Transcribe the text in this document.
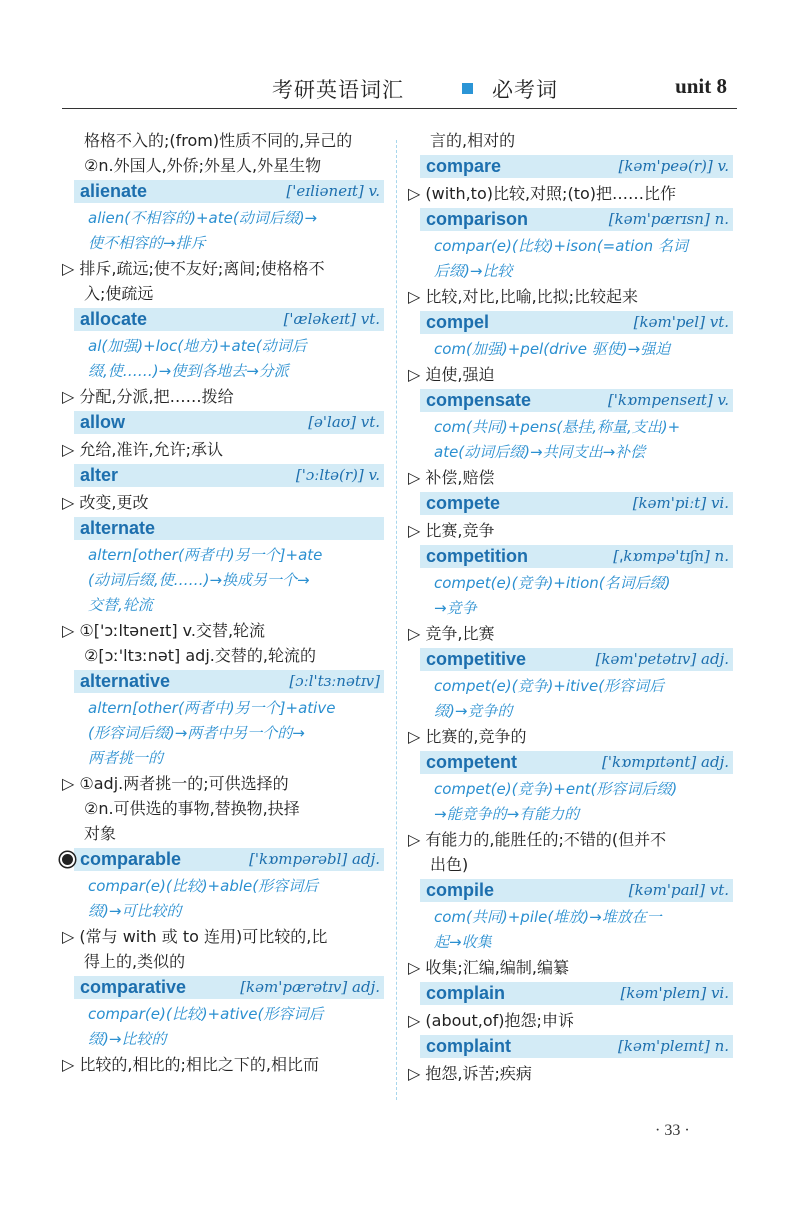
考研英语词汇	必考词	unit 8
格格不入的;(from)性质不同的,异己的
②n.外国人,外侨;外星人,外星生物
alienate	['eɪliəneɪt] v.
alien(不相容的)+ate(动词后缀)→
使不相容的→排斥
▷ 排斥,疏远;使不友好;离间;使格格不
入;使疏远
allocate	['æləkeɪt] vt.
al(加强)+loc(地方)+ate(动词后
缀,使……)→使到各地去→分派
▷ 分配,分派,把……拨给
allow	[ə'laʊ] vt.
▷ 允给,准许,允许;承认
alter	['ɔːltə(r)] v.
▷ 改变,更改
alternate
altern[other(两者中)另一个]+ate
(动词后缀,使……)→换成另一个→
交替,轮流
▷ ①['ɔːltəneɪt] v.交替,轮流
②[ɔː'ltɜːnət] adj.交替的,轮流的
alternative	[ɔːl'tɜːnətɪv]
altern[other(两者中)另一个]+ative
(形容词后缀)→两者中另一个的→
两者挑一的
▷ ①adj.两者挑一的;可供选择的
②n.可供选的事物,替换物,抉择
对象
comparable	['kɒmpərəbl] adj.
compar(e)(比较)+able(形容词后
缀)→可比较的
▷ (常与 with 或 to 连用)可比较的,比
得上的,类似的
comparative	[kəm'pærətɪv] adj.
compar(e)(比较)+ative(形容词后
缀)→比较的
▷ 比较的,相比的;相比之下的,相比而
言的,相对的
compare	[kəm'peə(r)] v.
▷ (with,to)比较,对照;(to)把……比作
comparison	[kəm'pærɪsn] n.
compar(e)(比较)+ison(=ation 名词
后缀)→比较
▷ 比较,对比,比喻,比拟;比较起来
compel	[kəm'pel] vt.
com(加强)+pel(drive 驱使)→强迫
▷ 迫使,强迫
compensate	['kɒmpenseɪt] v.
com(共同)+pens(悬挂,称量,支出)+
ate(动词后缀)→共同支出→补偿
▷ 补偿,赔偿
compete	[kəm'piːt] vi.
▷ 比赛,竞争
competition	[ˌkɒmpə'tɪʃn] n.
compet(e)(竞争)+ition(名词后缀)
→竞争
▷ 竞争,比赛
competitive	[kəm'petətɪv] adj.
compet(e)(竞争)+itive(形容词后
缀)→竞争的
▷ 比赛的,竞争的
competent	['kɒmpɪtənt] adj.
compet(e)(竞争)+ent(形容词后缀)
→能竞争的→有能力的
▷ 有能力的,能胜任的;不错的(但并不
出色)
compile	[kəm'paɪl] vt.
com(共同)+pile(堆放)→堆放在一
起→收集
▷ 收集;汇编,编制,编纂
complain	[kəm'pleɪn] vi.
▷ (about,of)抱怨;申诉
complaint	[kəm'pleɪnt] n.
▷ 抱怨,诉苦;疾病
· 33 ·
